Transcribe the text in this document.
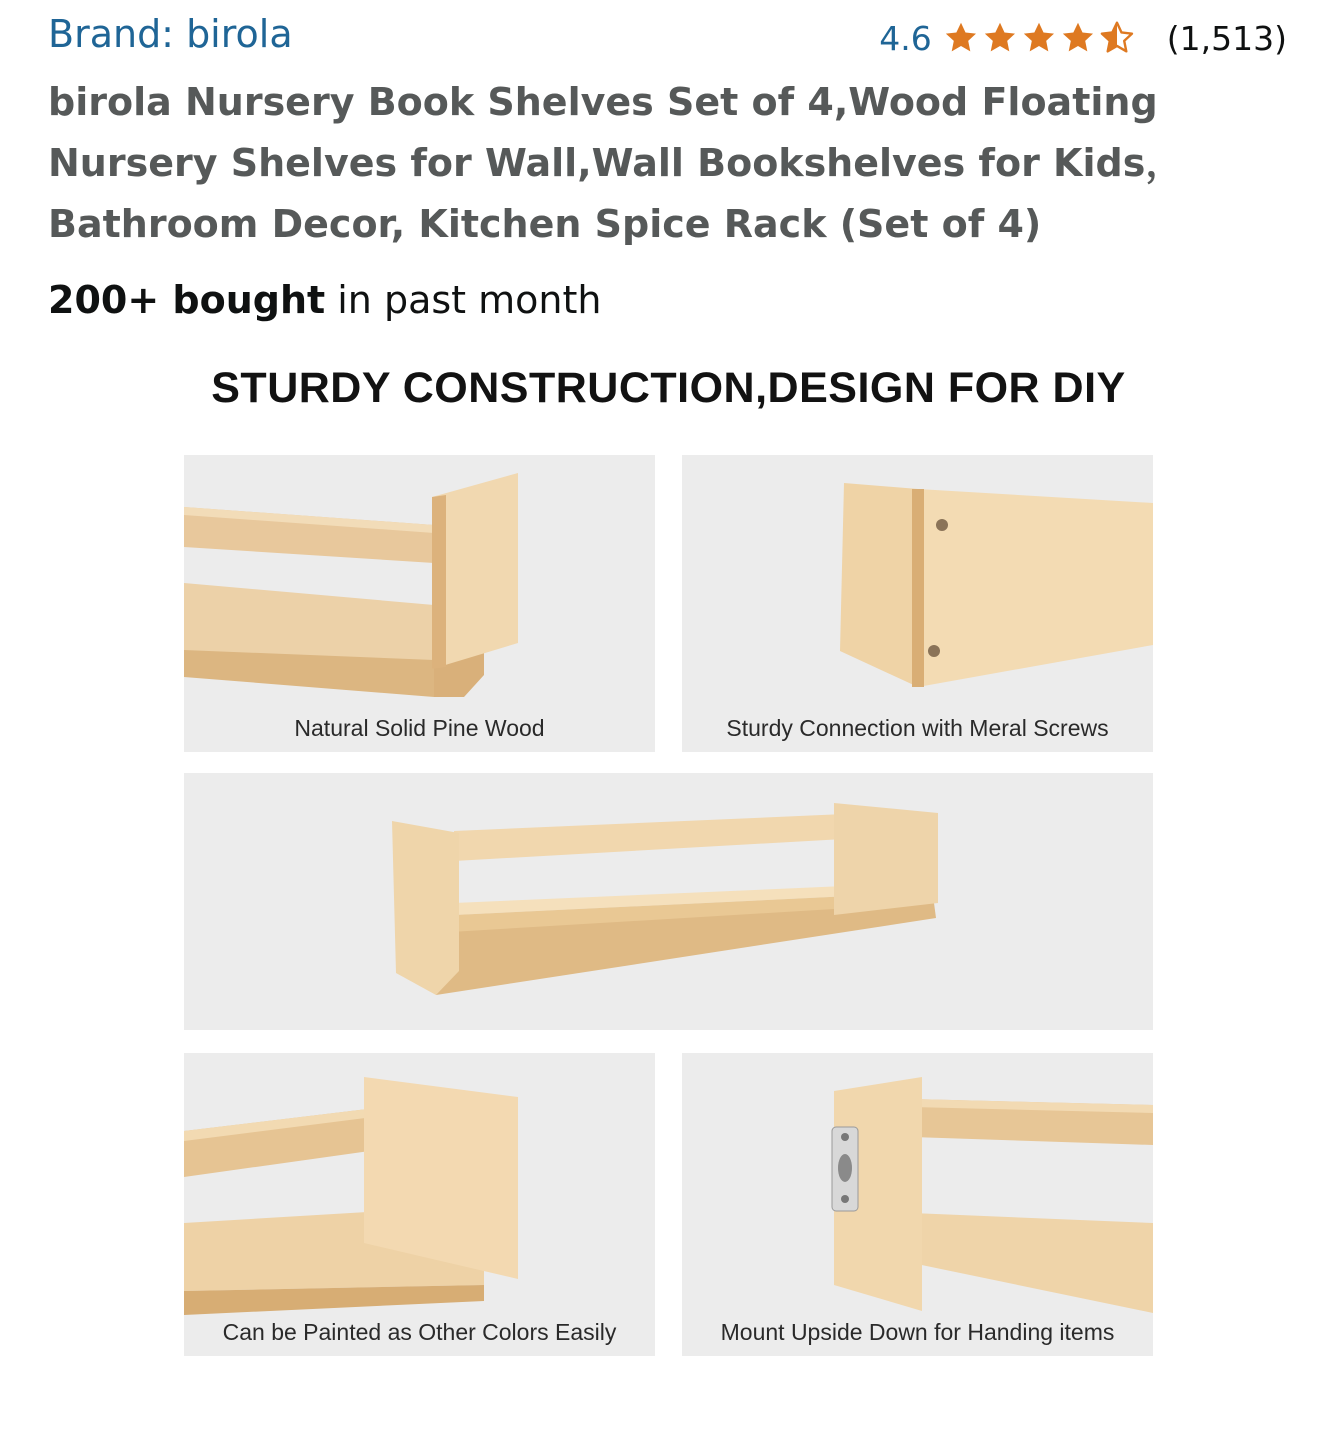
Brand: birola	4.6	(1,513)
birola Nursery Book Shelves Set of 4,Wood Floating Nursery Shelves for Wall,Wall Bookshelves for Kids， Bathroom Decor, Kitchen Spice Rack (Set of 4)
200+ bought in past month
STURDY CONSTRUCTION,DESIGN FOR DIY
Natural Solid Pine Wood	Sturdy Connection with Meral Screws
Can be Painted as Other Colors Easily	Mount Upside Down for Handing items
